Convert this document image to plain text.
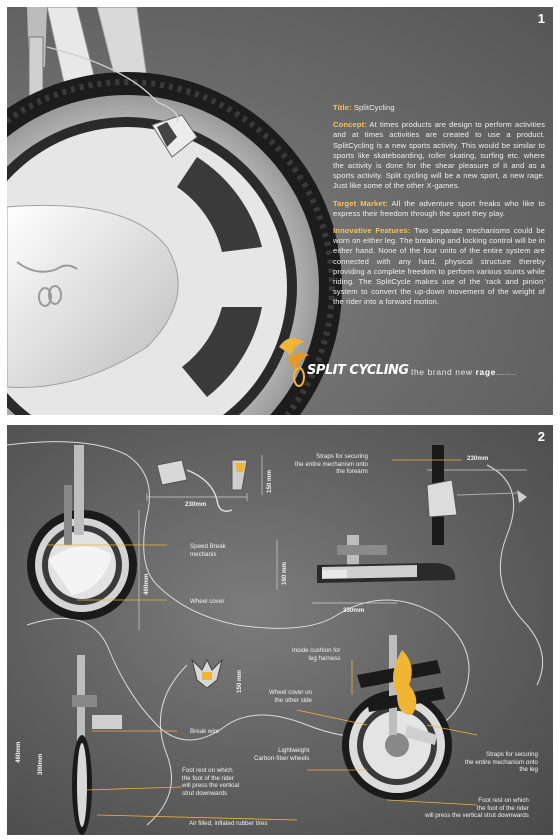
1

Title: SplitCycling

Concept: At times products are design to perform activities and at times activities are created to use a product. SplitCycling is a new sports activity. This would be similar to sports like skateboarding, roller skating, surfing etc. where the activity is done for the shear pleasure of it and as a sports activity. Split cycling will be a new sport, a new rage. Just like some of the other X-games.

Target Market: All the adventure sport freaks who like to express their freedom through the sport they play.

Innovative Features: Two separate mechanisms could be worn on either leg. The breaking and locking control will be in either hand. None of the four units of the entire system are connected with any hard, physical structure thereby providing a complete freedom to perform various stunts while riding. The SplitCycle makes use of the 'rack and pinion' system to convert the up-down movement of the weight of the rider into a forward motion.

SPLIT CYCLING the brand new rage.......
2
Straps for securing
the entire mechanism onto
the forearm
Speed Break
mechanis
Wheel cover
Inside cushion for
leg harness
Wheel cover on
the other side
Break wire
Lightweight
Carbon-fiber wheels
Straps for securing
the entire mechanism onto
the leg
Foot rest on which
the foot of the rider
will press the vertical
strut downwards
Foot rest on which
the foot of the rider
will press the vertical strut downwards
Air filled, inflated rubber tires
230mm
150 mm
230mm
460mm	160 mm
350mm
150 mm
460mm
300mm
